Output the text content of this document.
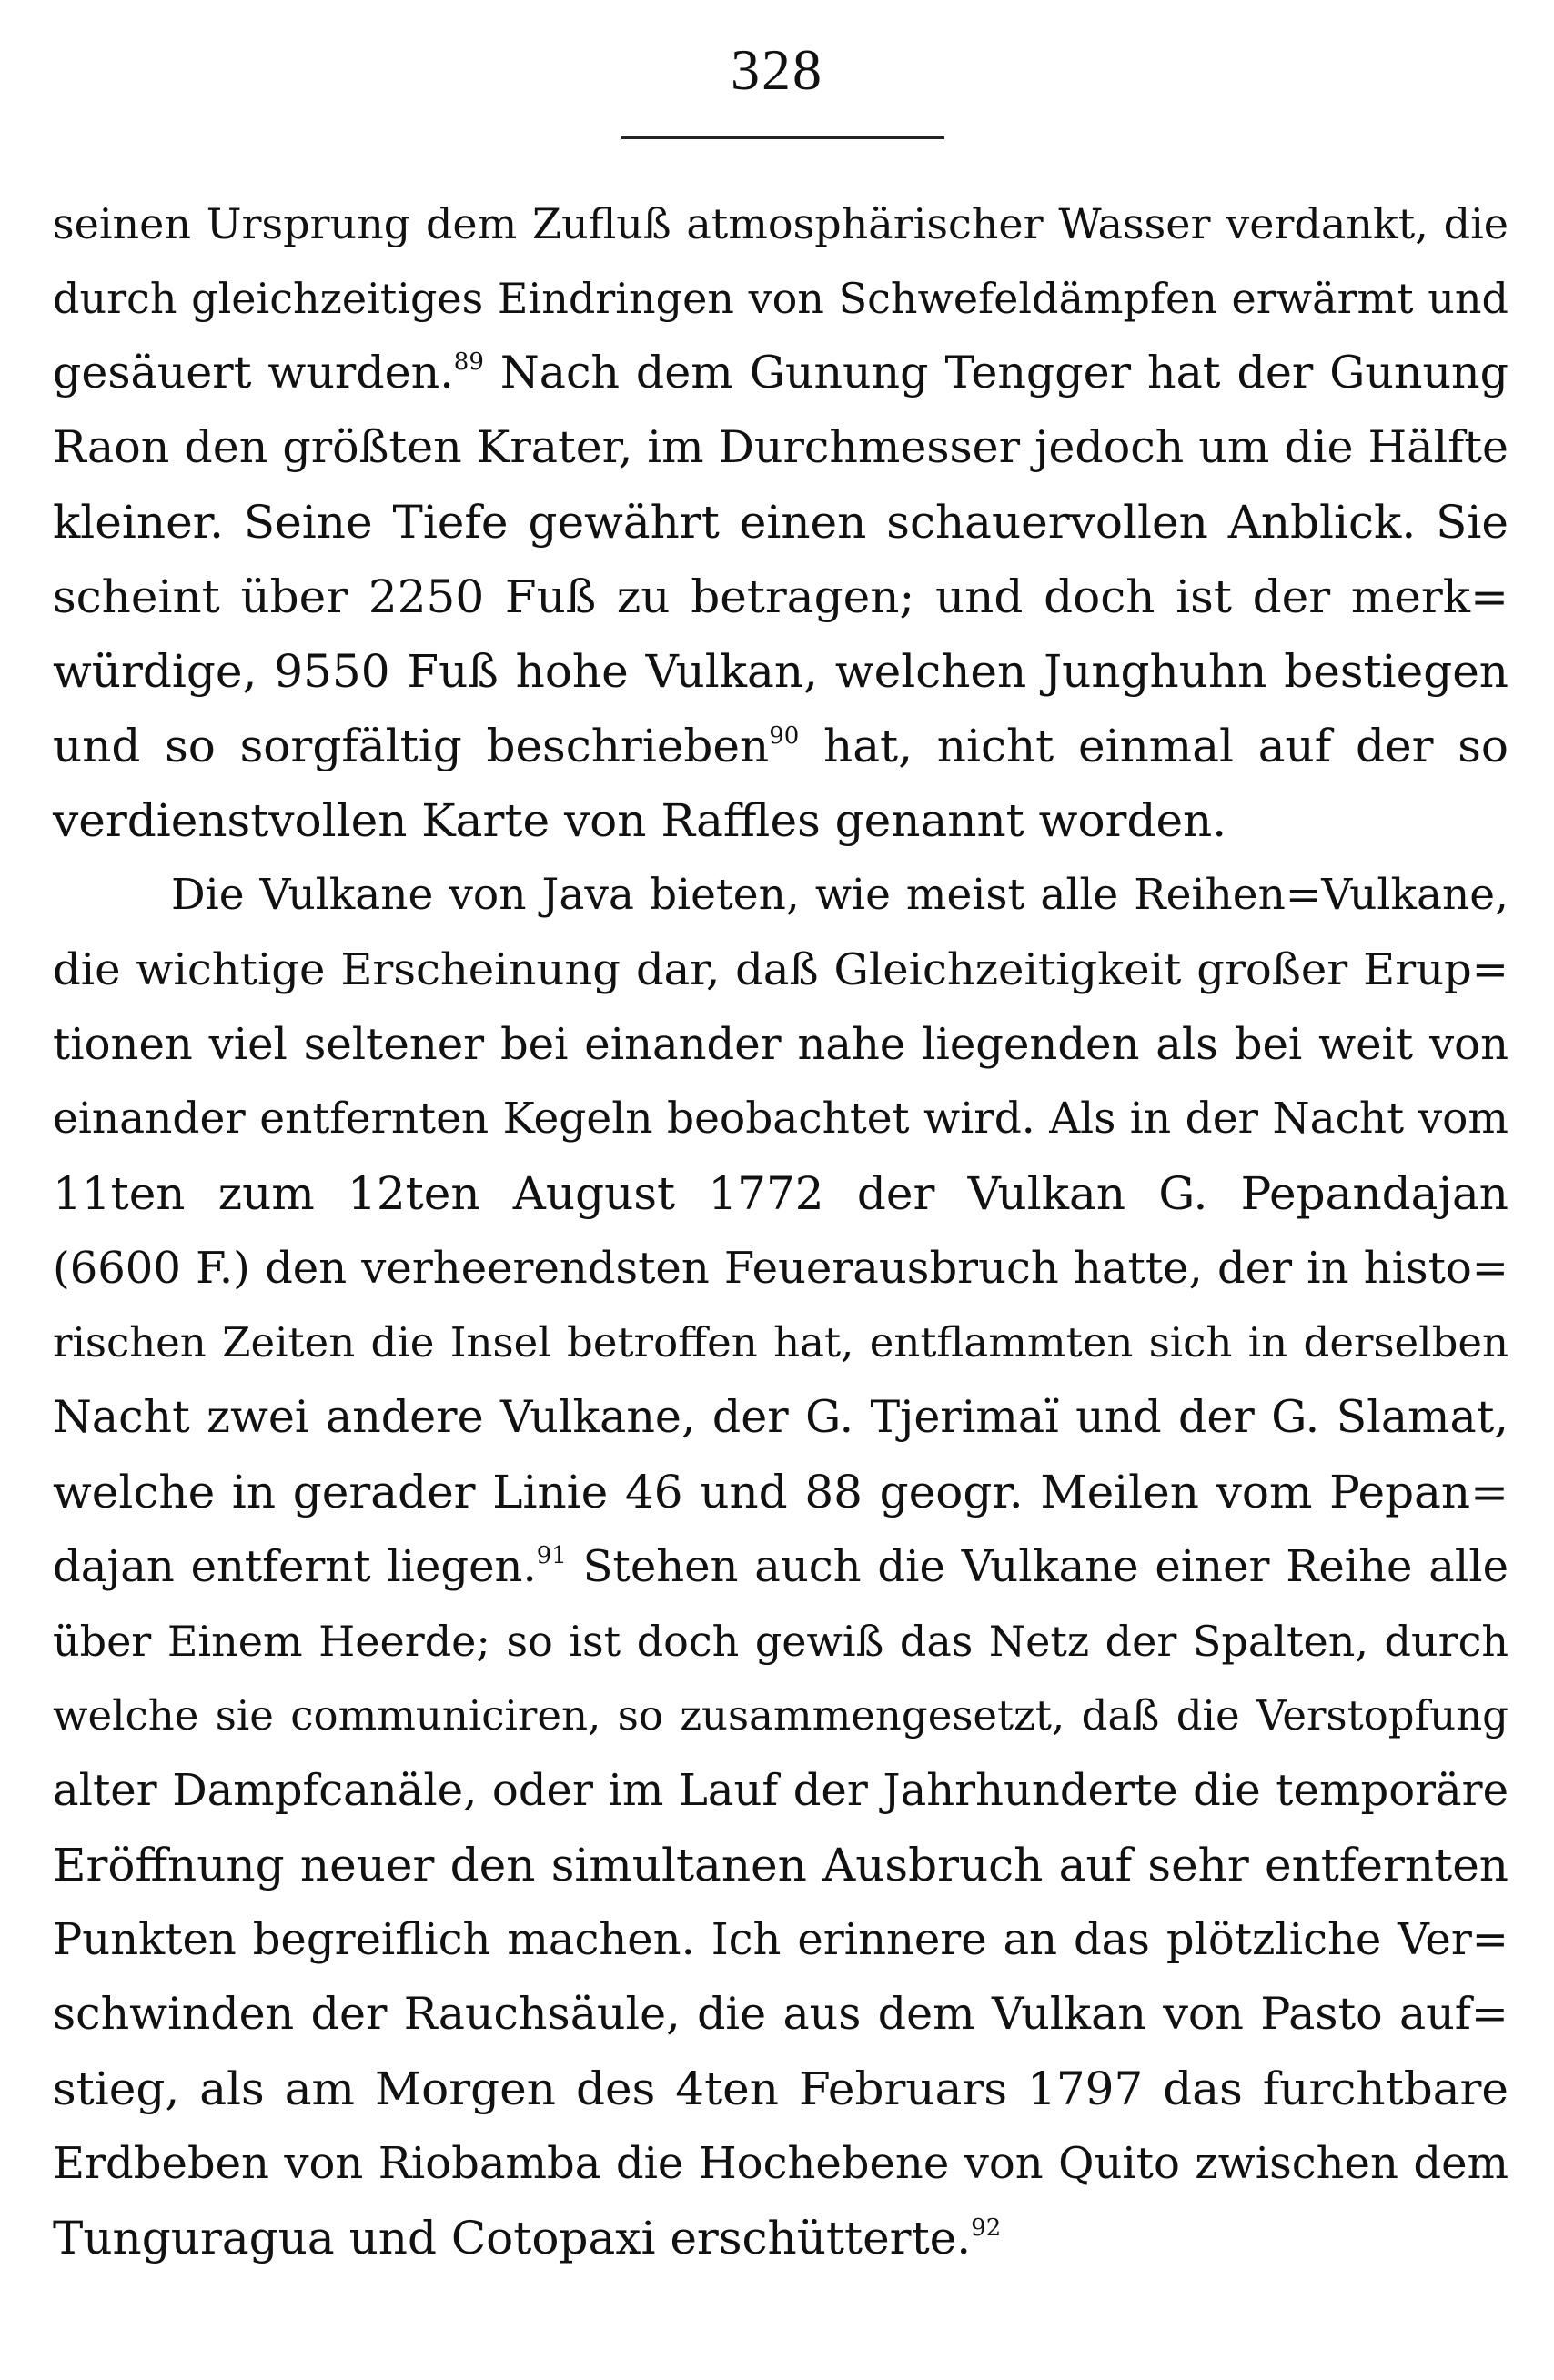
328
seinen Ursprung dem Zufluß atmosphärischer Wasser verdankt, die
durch gleichzeitiges Eindringen von Schwefeldämpfen erwärmt und
gesäuert wurden.$^{89}$ Nach dem Gunung Tengger hat der Gunung
Raon den größten Krater, im Durchmesser jedoch um die Hälfte
kleiner. Seine Tiefe gewährt einen schauervollen Anblick. Sie
scheint über 2250 Fuß zu betragen; und doch ist der merk=
würdige, 9550 Fuß hohe Vulkan, welchen Junghuhn bestiegen
und so sorgfältig beschrieben$^{90}$ hat, nicht einmal auf der so
verdienstvollen Karte von Raffles genannt worden.
Die Vulkane von Java bieten, wie meist alle Reihen=Vulkane,
die wichtige Erscheinung dar, daß Gleichzeitigkeit großer Erup=
tionen viel seltener bei einander nahe liegenden als bei weit von
einander entfernten Kegeln beobachtet wird. Als in der Nacht vom
11ten zum 12ten August 1772 der Vulkan G. Pepandajan
(6600 F.) den verheerendsten Feuerausbruch hatte, der in histo=
rischen Zeiten die Insel betroffen hat, entflammten sich in derselben
Nacht zwei andere Vulkane, der G. Tjerimaï und der G. Slamat,
welche in gerader Linie 46 und 88 geogr. Meilen vom Pepan=
dajan entfernt liegen.$^{91}$ Stehen auch die Vulkane einer Reihe alle
über Einem Heerde; so ist doch gewiß das Netz der Spalten, durch
welche sie communiciren, so zusammengesetzt, daß die Verstopfung
alter Dampfcanäle, oder im Lauf der Jahrhunderte die temporäre
Eröffnung neuer den simultanen Ausbruch auf sehr entfernten
Punkten begreiflich machen. Ich erinnere an das plötzliche Ver=
schwinden der Rauchsäule, die aus dem Vulkan von Pasto auf=
stieg, als am Morgen des 4ten Februars 1797 das furchtbare
Erdbeben von Riobamba die Hochebene von Quito zwischen dem
Tunguragua und Cotopaxi erschütterte.$^{92}$
